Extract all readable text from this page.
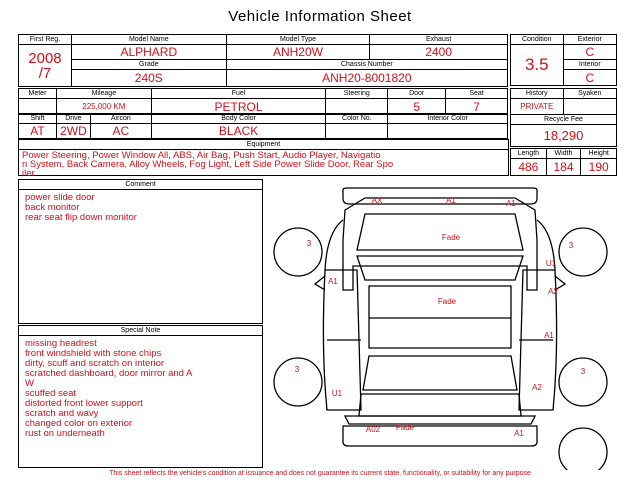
Vehicle Information Sheet
First Reg.	Model Name	Model Type	Exhaust

2008
/7	ALPHARD	ANH20W	2400
	Grade	Chassis Number	
	240S	ANH20-8001820	
Meter	Mileage	Fuel	Steering	Door	Seat
	225,000 KM	PETROL		5	7
Shift	Drive	Aircon	Body Color	Color No.	Interior Color
AT	2WD	AC	BLACK		
Equipment
Power Steering, Power Window All, ABS, Air Bag, Push Start, Audio Player, Navigatio
n System, Back Camera, Alloy Wheels, Fog Light, Left Side Power Slide Door, Rear Spo
iler
Condition	Exterior
3.5	C
	Interior
	C
History	Syaken
PRIVATE	
Recycle Fee	
18,290	
Length	Width	Height
486	184	190
Comment
power slide door
back monitor
rear seat flip down monitor
Special Note
missing headrest
front windshield with stone chips
dirty, scuff and scratch on interior
scratched dashboard, door mirror and A
W
scuffed seat
distorted front lower support
scratch and wavy
changed color on exterior
rust on underneath
AX	A1	A1
Fade
Fade
Fade
3	3
3	3
U1
A1
A2
A1
A2
U1
A02	A1
This sheet reflects the vehicle's condition at issuance and does not guarantee its current state, functionality, or suitability for any purpose
